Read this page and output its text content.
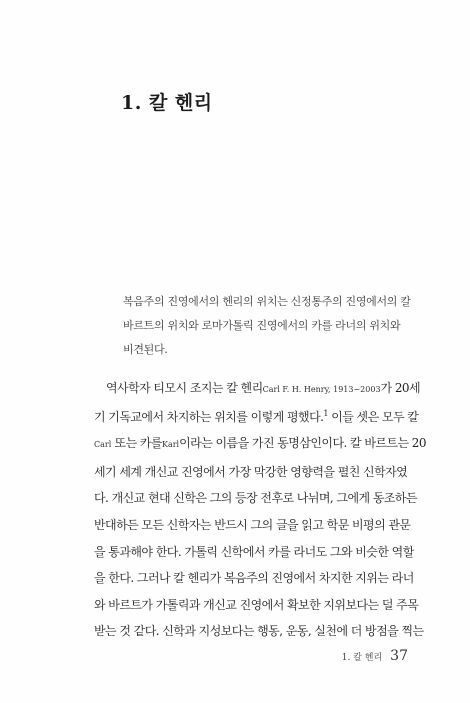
1. 칼 헨리
복음주의 진영에서의 헨리의 위치는 신정통주의 진영에서의 칼
바르트의 위치와 로마가톨릭 진영에서의 카를 라너의 위치와
비견된다.
역사학자 티모시 조지는 칼 헨리Carl F. H. Henry, 1913~2003가 20세
기 기독교에서 차지하는 위치를 이렇게 평했다.$^1$ 이들 셋은 모두 칼
Carl 또는 카를Karl이라는 이름을 가진 동명삼인이다. 칼 바르트는 20
세기 세계 개신교 진영에서 가장 막강한 영향력을 펼친 신학자였
다. 개신교 현대 신학은 그의 등장 전후로 나뉘며, 그에게 동조하든
반대하든 모든 신학자는 반드시 그의 글을 읽고 학문 비평의 관문
을 통과해야 한다. 가톨릭 신학에서 카를 라너도 그와 비슷한 역할
을 한다. 그러나 칼 헨리가 복음주의 진영에서 차지한 지위는 라너
와 바르트가 가톨릭과 개신교 진영에서 확보한 지위보다는 덜 주목
받는 것 같다. 신학과 지성보다는 행동, 운동, 실천에 더 방점을 찍는
1. 칼 헨리 37
